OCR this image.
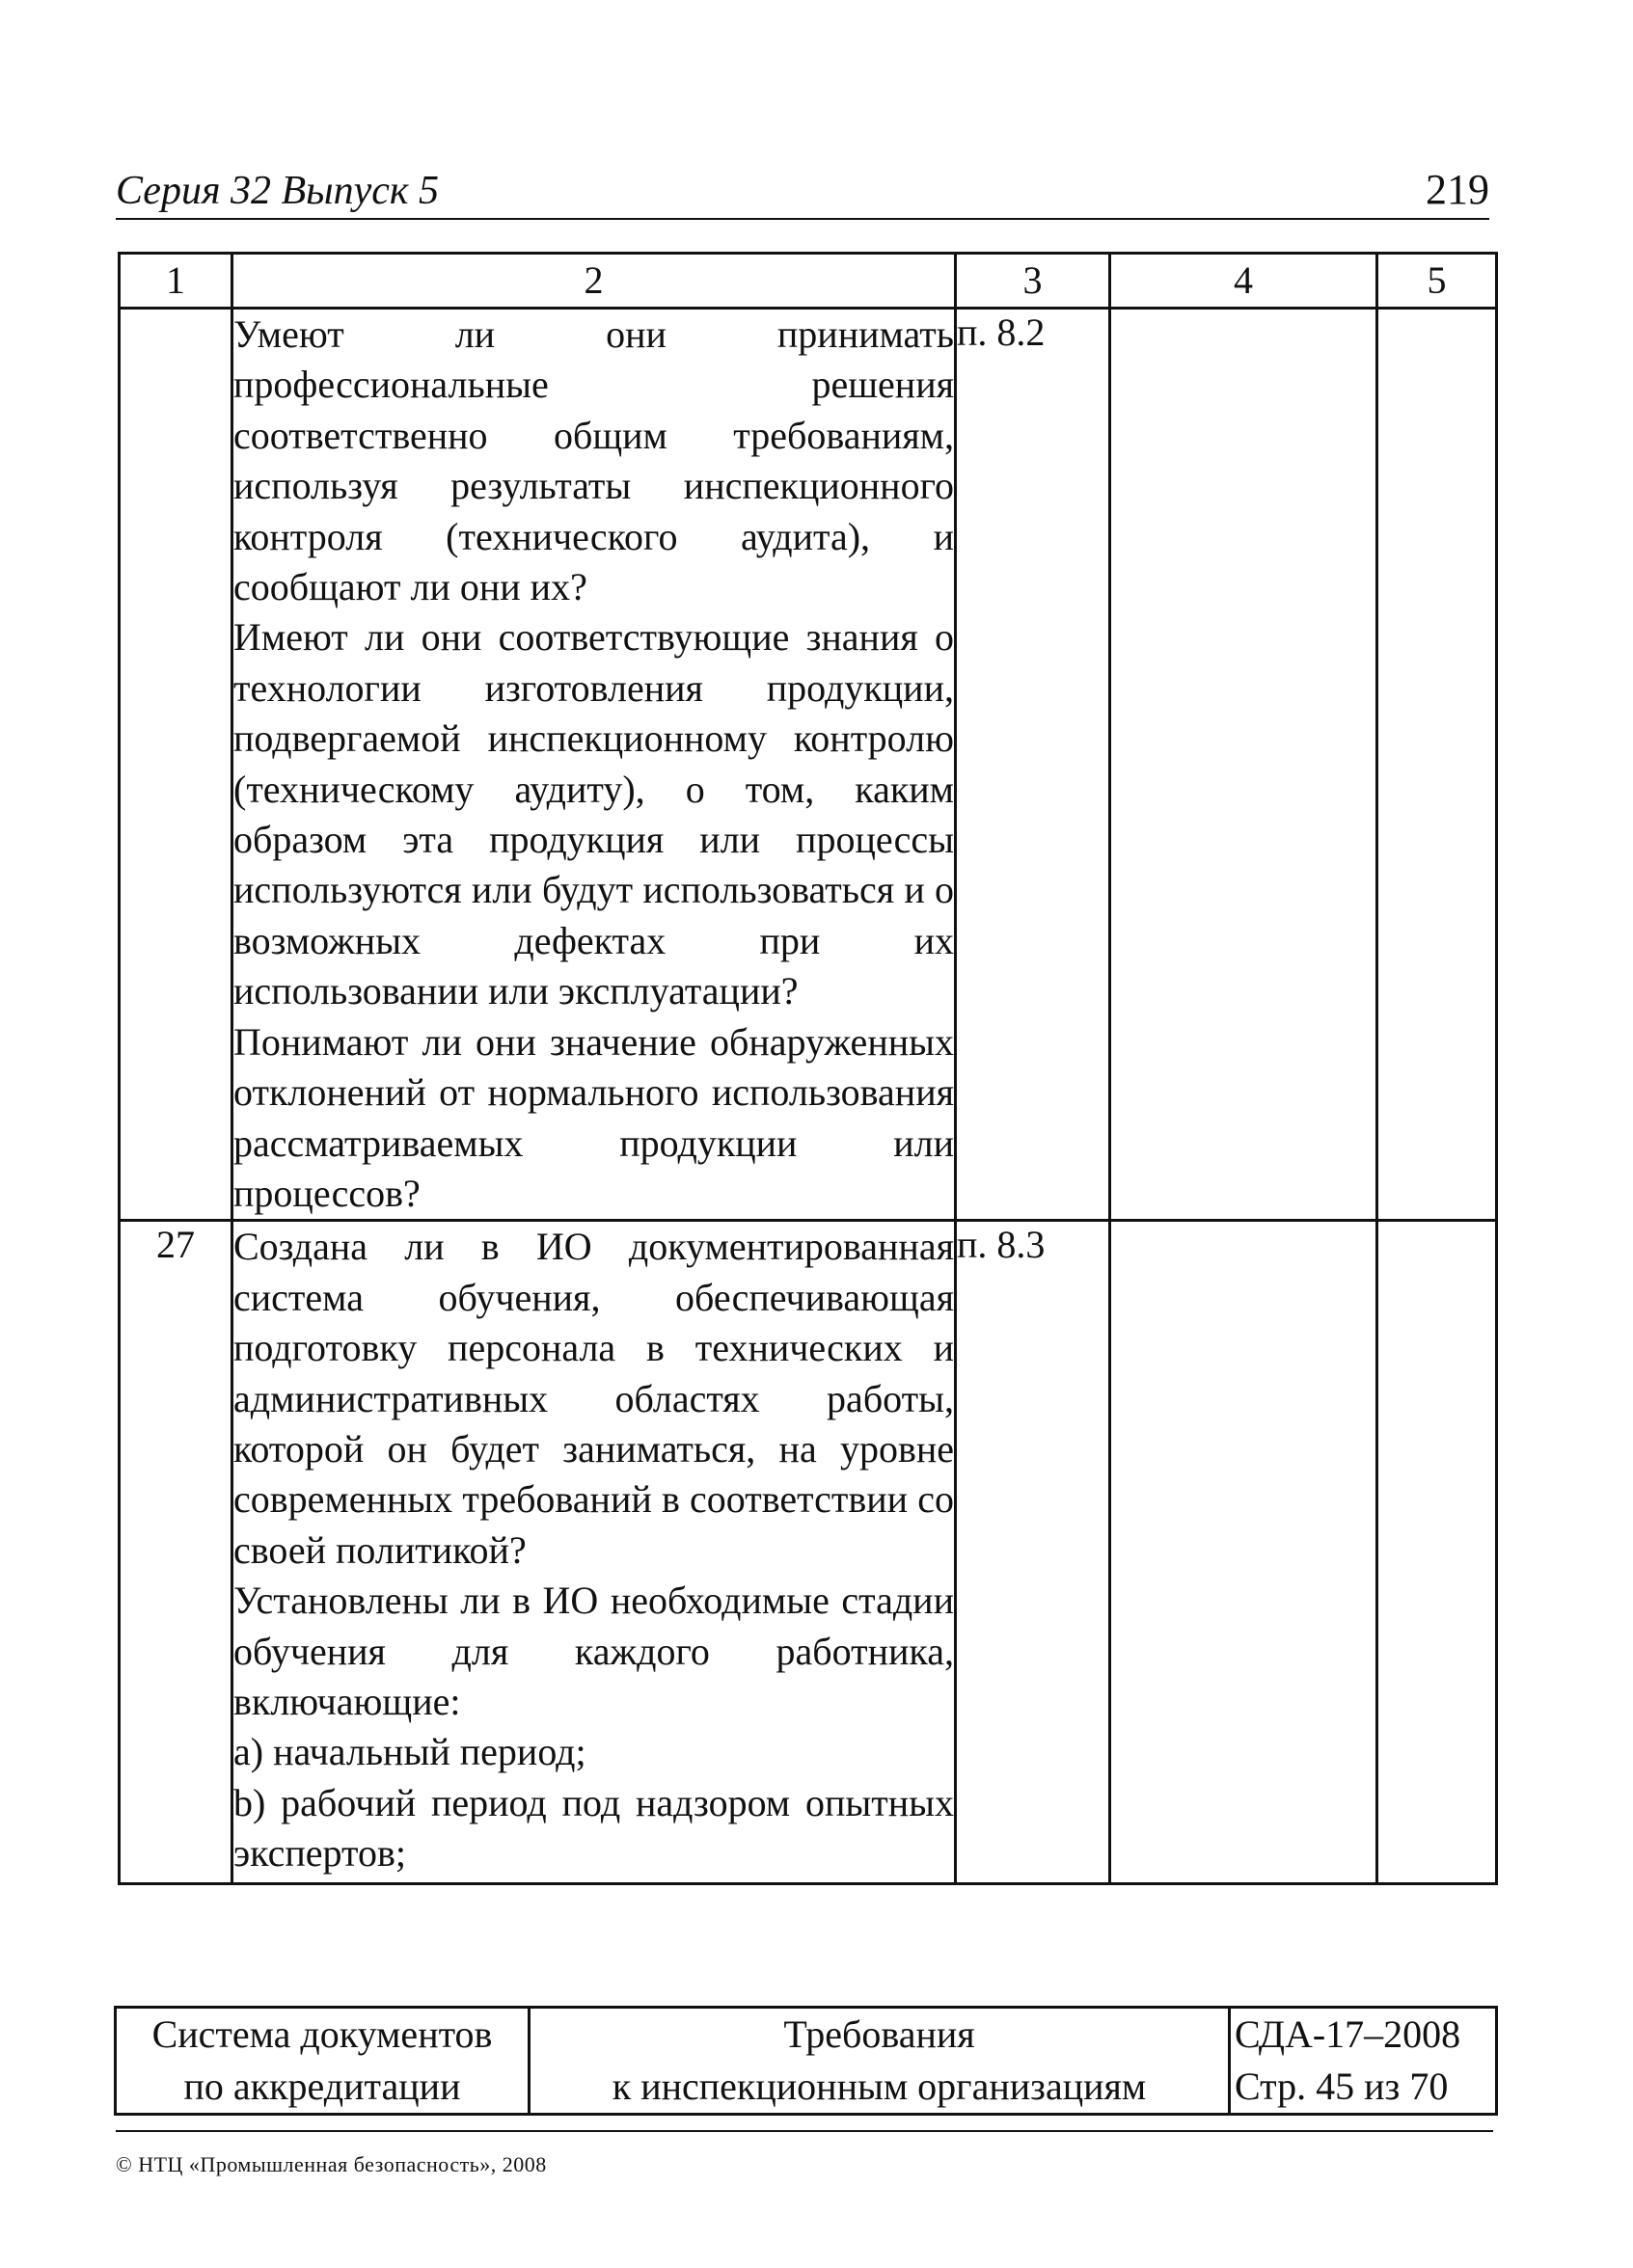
Серия 32 Выпуск 5	219
1	2	3	4	5

	Умеют ли они принимать профессиональные решения соответственно общим требованиям, используя результаты инспекционного контроля (технического аудита), и сообщают ли они их?

Имеют ли они соответствующие знания о технологии изготовления продукции, подвергаемой инспекционному контролю (техническому аудиту), о том, каким образом эта продукция или процессы используются или будут использоваться и о возможных дефектах при их использовании или эксплуатации?

Понимают ли они значение обнаруженных отклонений от нормального использования рассматриваемых продукции или процессов?	п. 8.2		
27	Создана ли в ИО документированная система обучения, обеспечивающая подготовку персонала в технических и административных областях работы, которой он будет заниматься, на уровне современных требований в соответствии со своей политикой?

Установлены ли в ИО необходимые стадии обучения для каждого работника, включающие:

a) начальный период;

b) рабочий период под надзором опытных экспертов;	п. 8.3		
Система документов
по аккредитации

Требования
к инспекционным организациям

СДА-17–2008
Стр. 45 из 70
© НТЦ «Промышленная безопасность», 2008
